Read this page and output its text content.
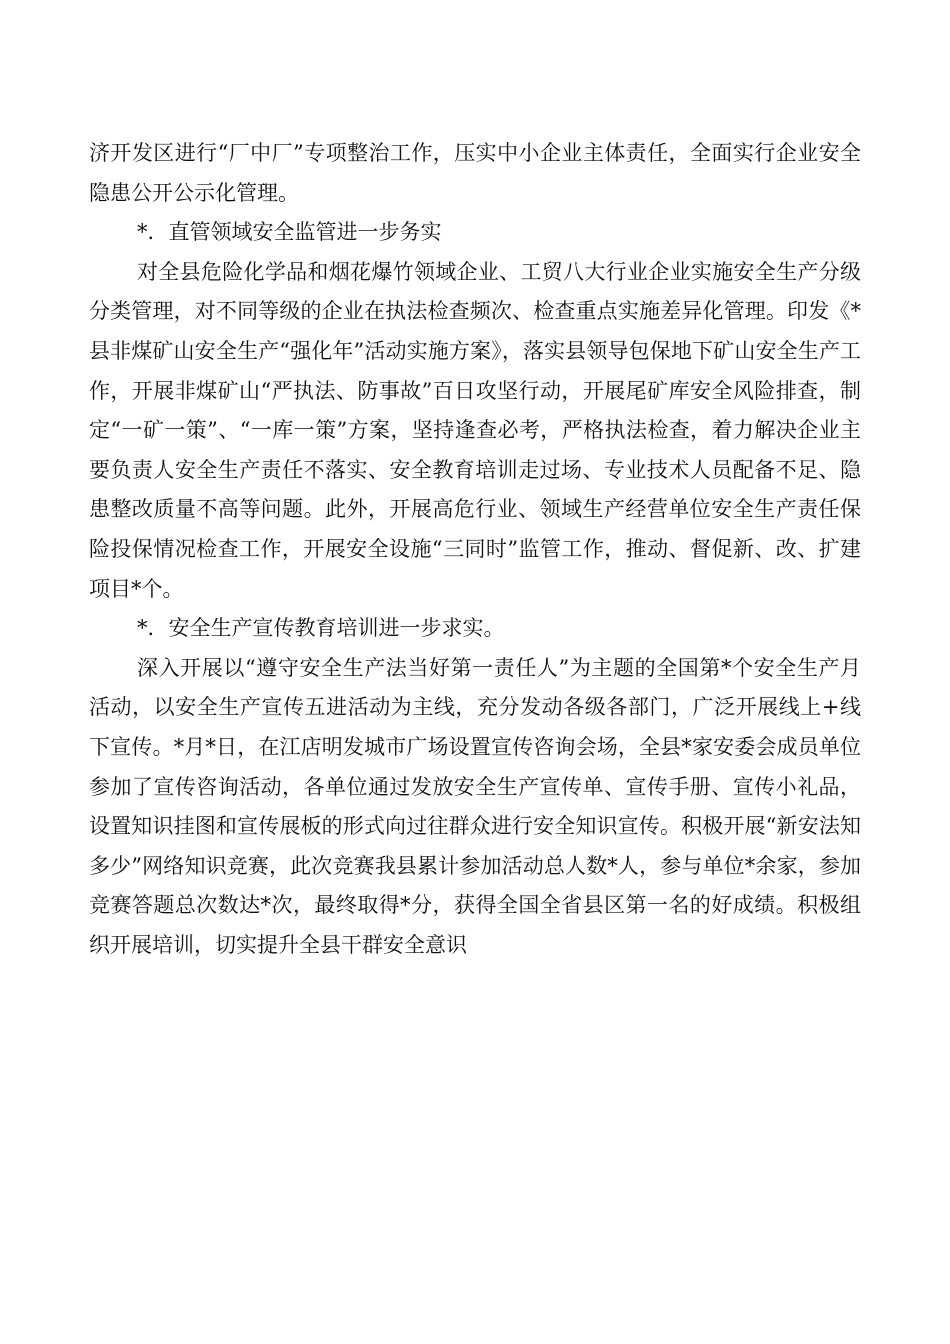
济开发区进行“厂中厂”专项整治工作，压实中小企业主体责任，全面实行企业安全隐患公开公示化管理。

*．直管领域安全监管进一步务实

对全县危险化学品和烟花爆竹领域企业、工贸八大行业企业实施安全生产分级分类管理，对不同等级的企业在执法检查频次、检查重点实施差异化管理。印发《*县非煤矿山安全生产“强化年”活动实施方案》，落实县领导包保地下矿山安全生产工作，开展非煤矿山“严执法、防事故”百日攻坚行动，开展尾矿库安全风险排查，制定“一矿一策”、“一库一策”方案，坚持逢查必考，严格执法检查，着力解决企业主要负责人安全生产责任不落实、安全教育培训走过场、专业技术人员配备不足、隐患整改质量不高等问题。此外，开展高危行业、领域生产经营单位安全生产责任保险投保情况检查工作，开展安全设施“三同时”监管工作，推动、督促新、改、扩建项目*个。

*．安全生产宣传教育培训进一步求实。

深入开展以“遵守安全生产法当好第一责任人”为主题的全国第*个安全生产月活动，以安全生产宣传五进活动为主线，充分发动各级各部门，广泛开展线上+线下宣传。*月*日，在江店明发城市广场设置宣传咨询会场，全县*家安委会成员单位参加了宣传咨询活动，各单位通过发放安全生产宣传单、宣传手册、宣传小礼品，设置知识挂图和宣传展板的形式向过往群众进行安全知识宣传。积极开展“新安法知多少”网络知识竞赛，此次竞赛我县累计参加活动总人数*人，参与单位*余家，参加竞赛答题总次数达*次，最终取得*分，获得全国全省县区第一名的好成绩。积极组织开展培训，切实提升全县干群安全意识
